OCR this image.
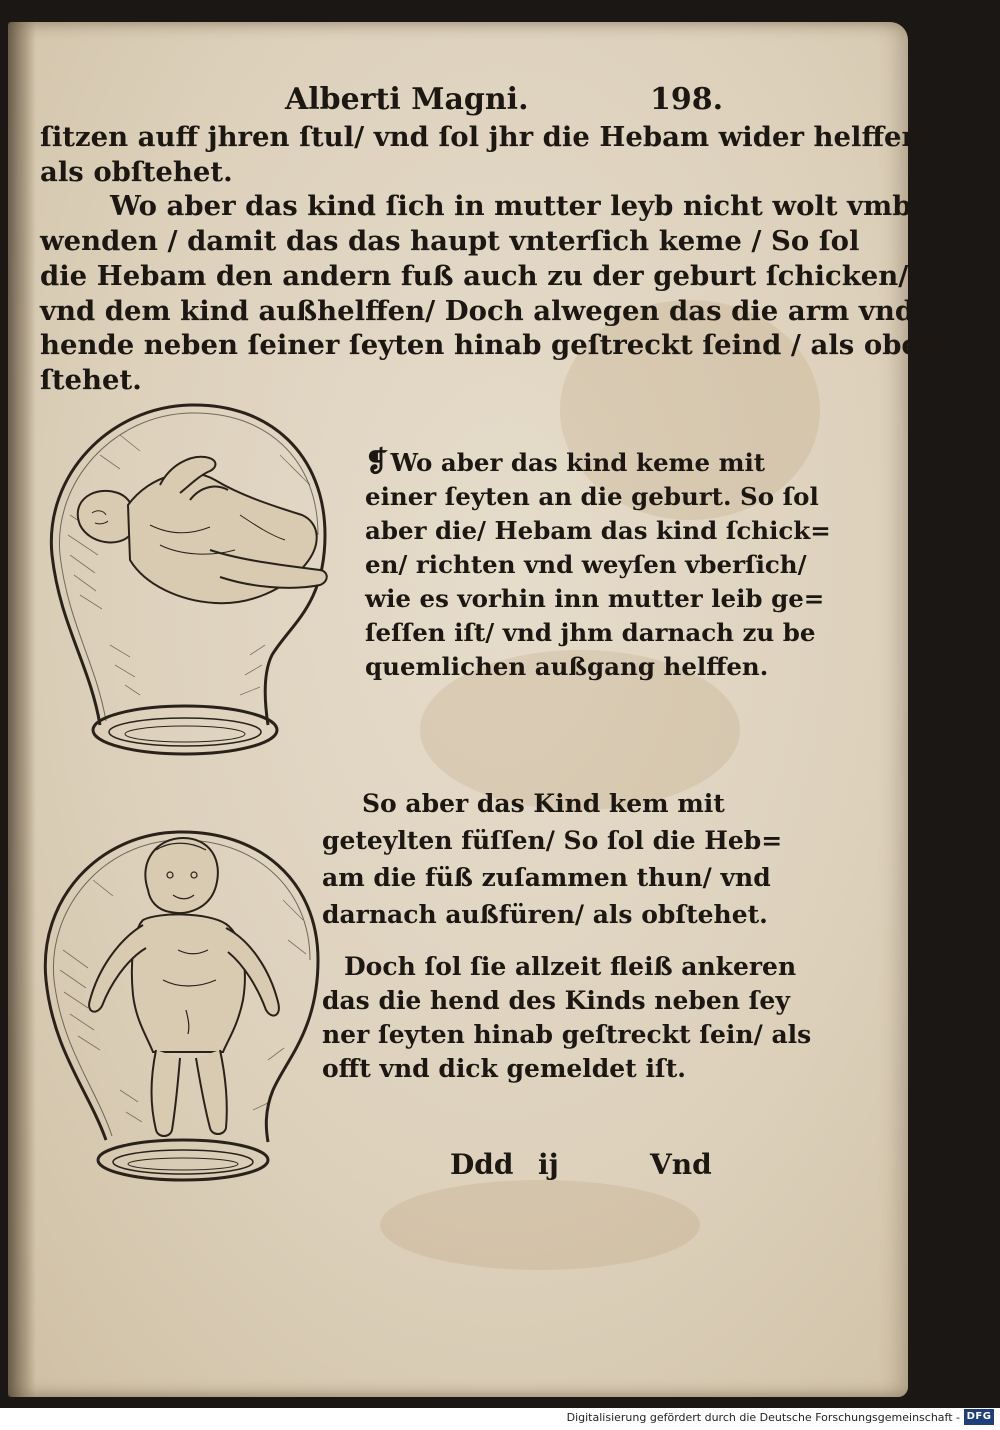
Alberti Magni.	198.
ſitzen auff jhren ſtul/ vnd ſol jhr die Hebam wider helffen/
als obſtehet.
Wo aber das kind ſich in mutter leyb nicht wolt vmb
wenden / damit das das haupt vnterſich keme / So ſol
die Hebam den andern fuß auch zu der geburt ſchicken/
vnd dem kind außhelffen/ Doch alwegen das die arm vnd
hende neben ſeiner ſeyten hinab geſtreckt ſeind / als oben
ſtehet.
❡Wo aber das kind keme mit
einer ſeyten an die geburt. So ſol
aber die/ Hebam das kind ſchick=
en/ richten vnd weyſen vberſich/
wie es vorhin inn mutter leib ge=
ſeſſen iſt/ vnd jhm darnach zu be
quemlichen außgang helffen.
So aber das Kind kem mit
geteylten füſſen/ So ſol die Heb=
am die füß zuſammen thun/ vnd
darnach außfüren/ als obſtehet.
Doch ſol ſie allzeit fleiß ankeren
das die hend des Kinds neben ſey
ner ſeyten hinab geſtreckt ſein/ als
offt vnd dick gemeldet iſt.
Ddd ij	Vnd
Digitalisierung gefördert durch die Deutsche Forschungsgemeinschaft - DFG
